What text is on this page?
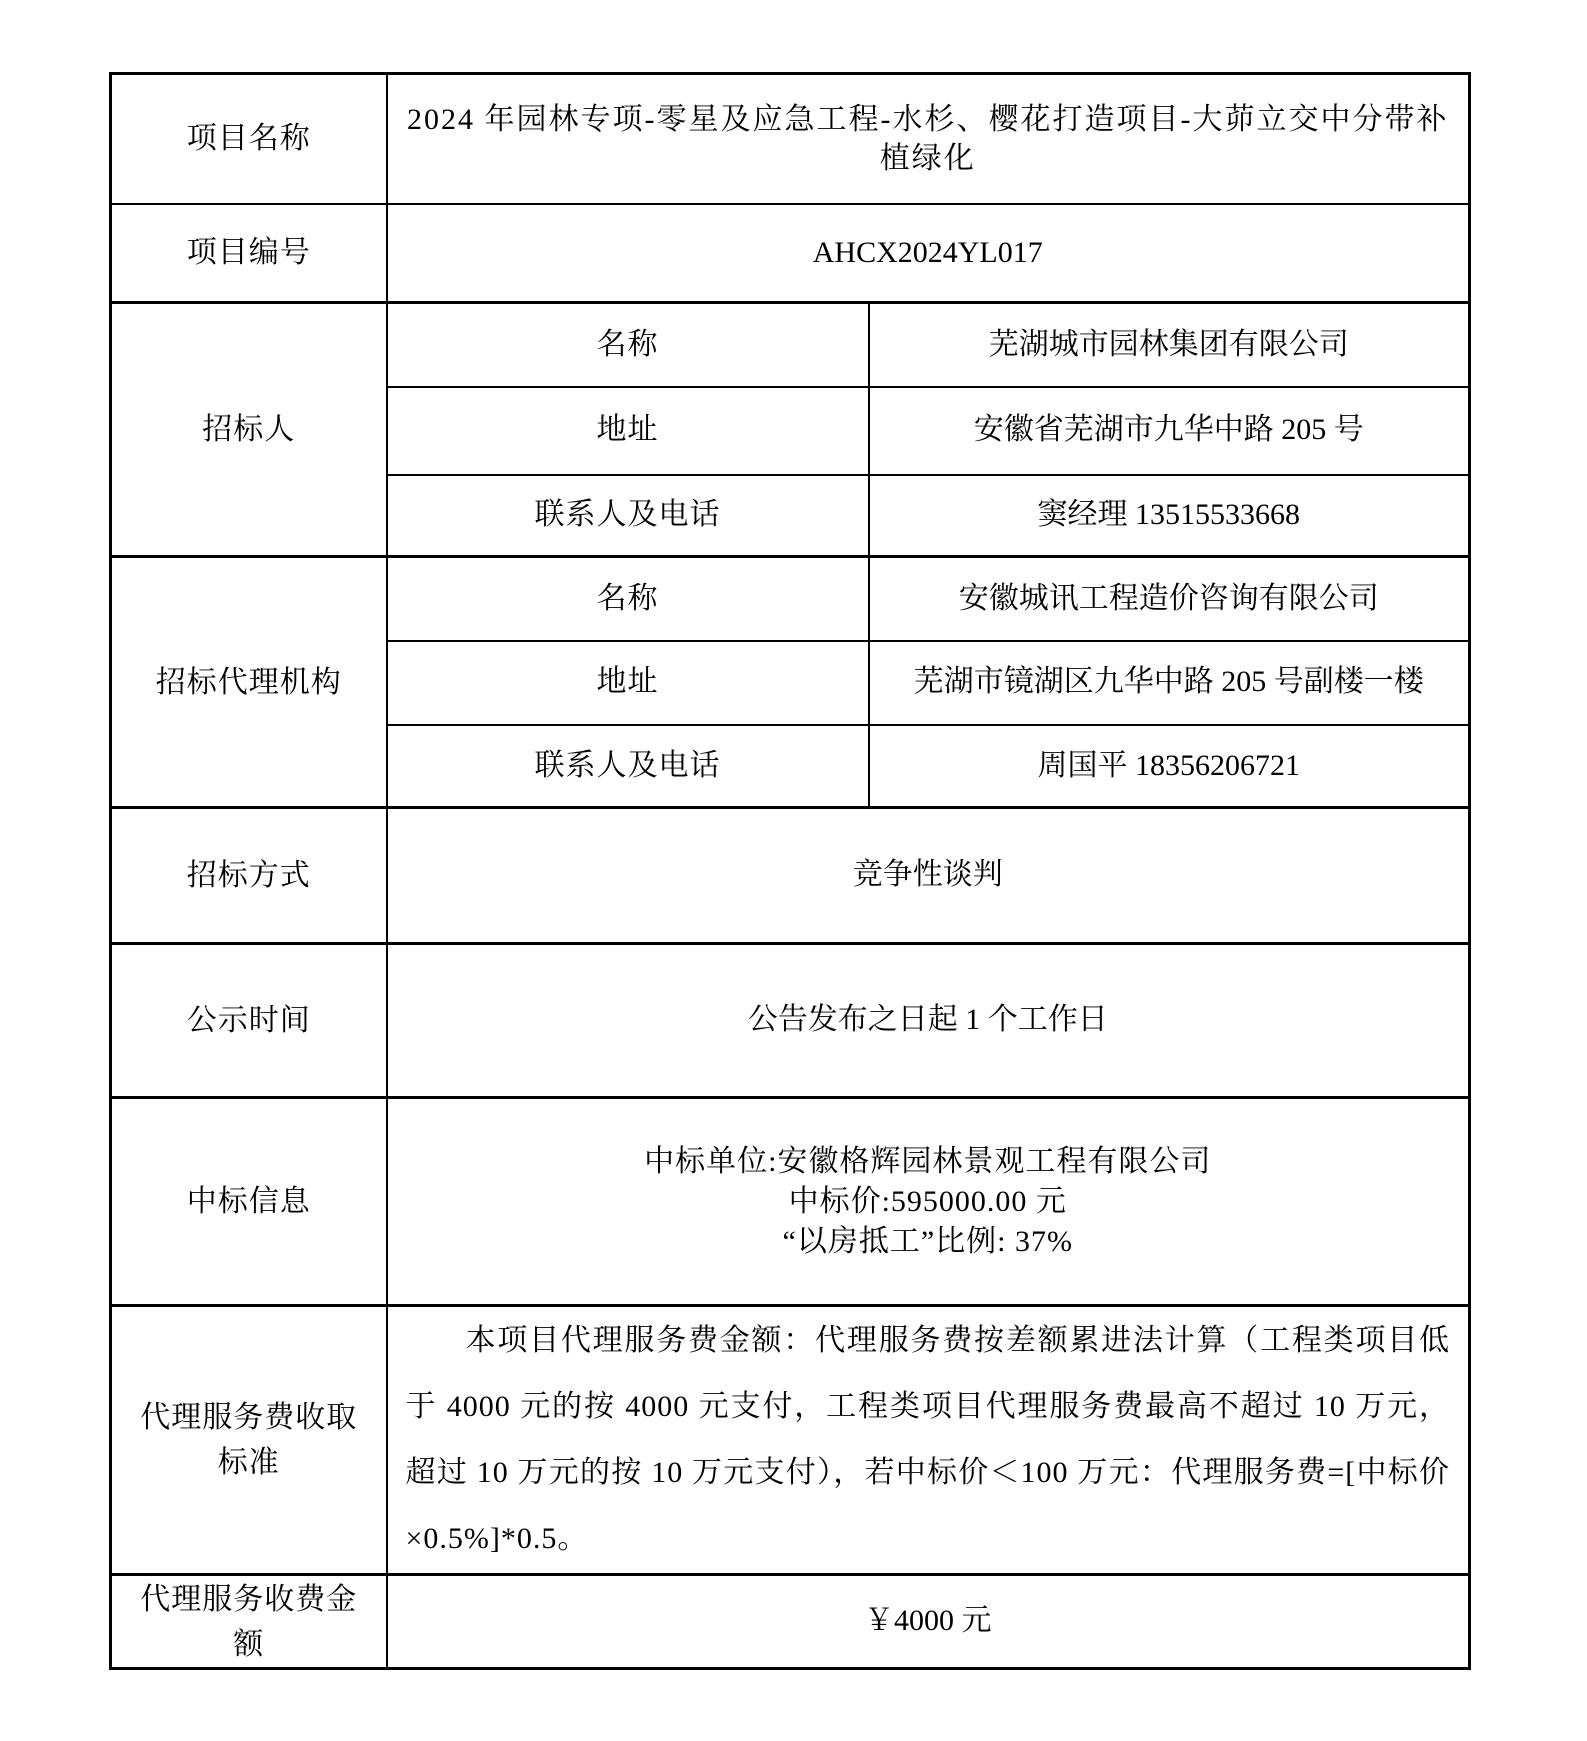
项目名称	2024 年园林专项-零星及应急工程-水杉、樱花打造项目-大茆立交中分带补植绿化	
项目编号	AHCX2024YL017	
招标人	名称	芜湖城市园林集团有限公司
	地址	安徽省芜湖市九华中路 205 号
	联系人及电话	窦经理 13515533668
招标代理机构	名称	安徽城讯工程造价咨询有限公司
	地址	芜湖市镜湖区九华中路 205 号副楼一楼
	联系人及电话	周国平 18356206721
招标方式	竞争性谈判	
公示时间	公告发布之日起 1 个工作日	
中标信息	中标单位:安徽格辉园林景观工程有限公司
中标价:595000.00 元
“以房抵工”比例: 37%	

代理服务费收取标准	本项目代理服务费金额：代理服务费按差额累进法计算（工程类项目低于 4000 元的按 4000 元支付，工程类项目代理服务费最高不超过 10 万元，超过 10 万元的按 10 万元支付），若中标价＜100 万元：代理服务费=[中标价×0.5%]*0.5。	

代理服务收费金额	￥4000 元	
